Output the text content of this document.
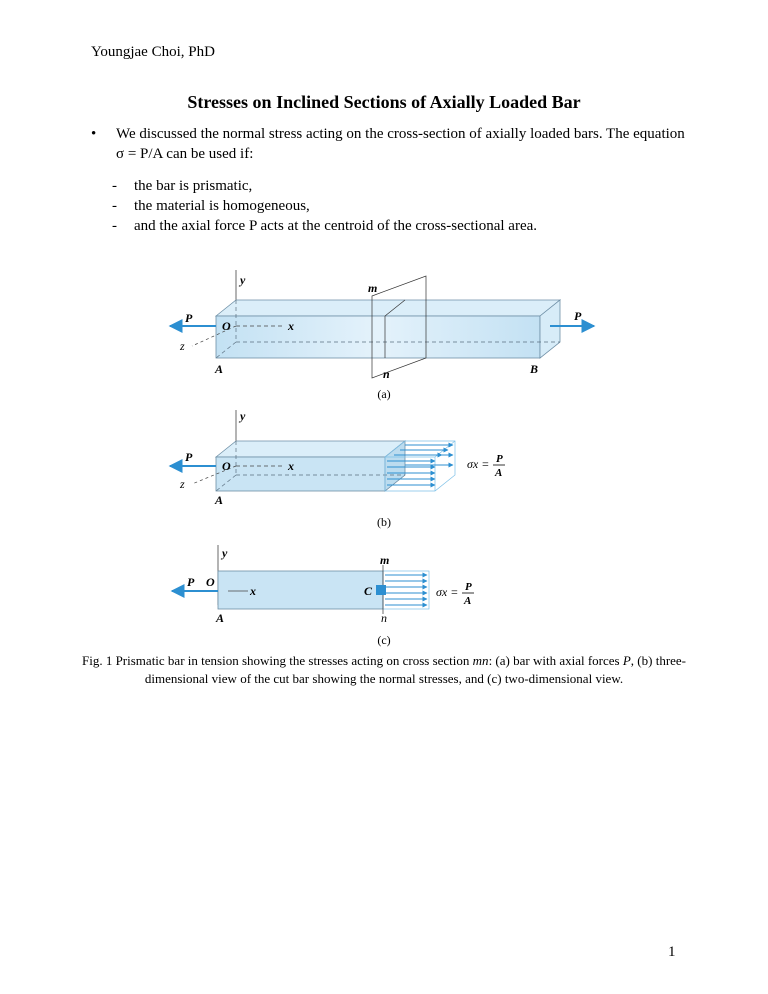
Youngjae Choi, PhD
Stresses on Inclined Sections of Axially Loaded Bar
• We discussed the normal stress acting on the cross-section of axially loaded bars. The equation σ = P/A can be used if:
- the bar is prismatic,
- the material is homogeneous,
- and the axial force P acts at the centroid of the cross-sectional area.
y
P	P
O	x
z
A	B
m
n
(a)
y
P
O	x
z
A
σx = P
A
(b)
y
P O
x
A
C
m
n
σx = P
A
(c)
Fig. 1 Prismatic bar in tension showing the stresses acting on cross section mn: (a) bar with axial forces P, (b) three-dimensional view of the cut bar showing the normal stresses, and (c) two-dimensional view.
1
